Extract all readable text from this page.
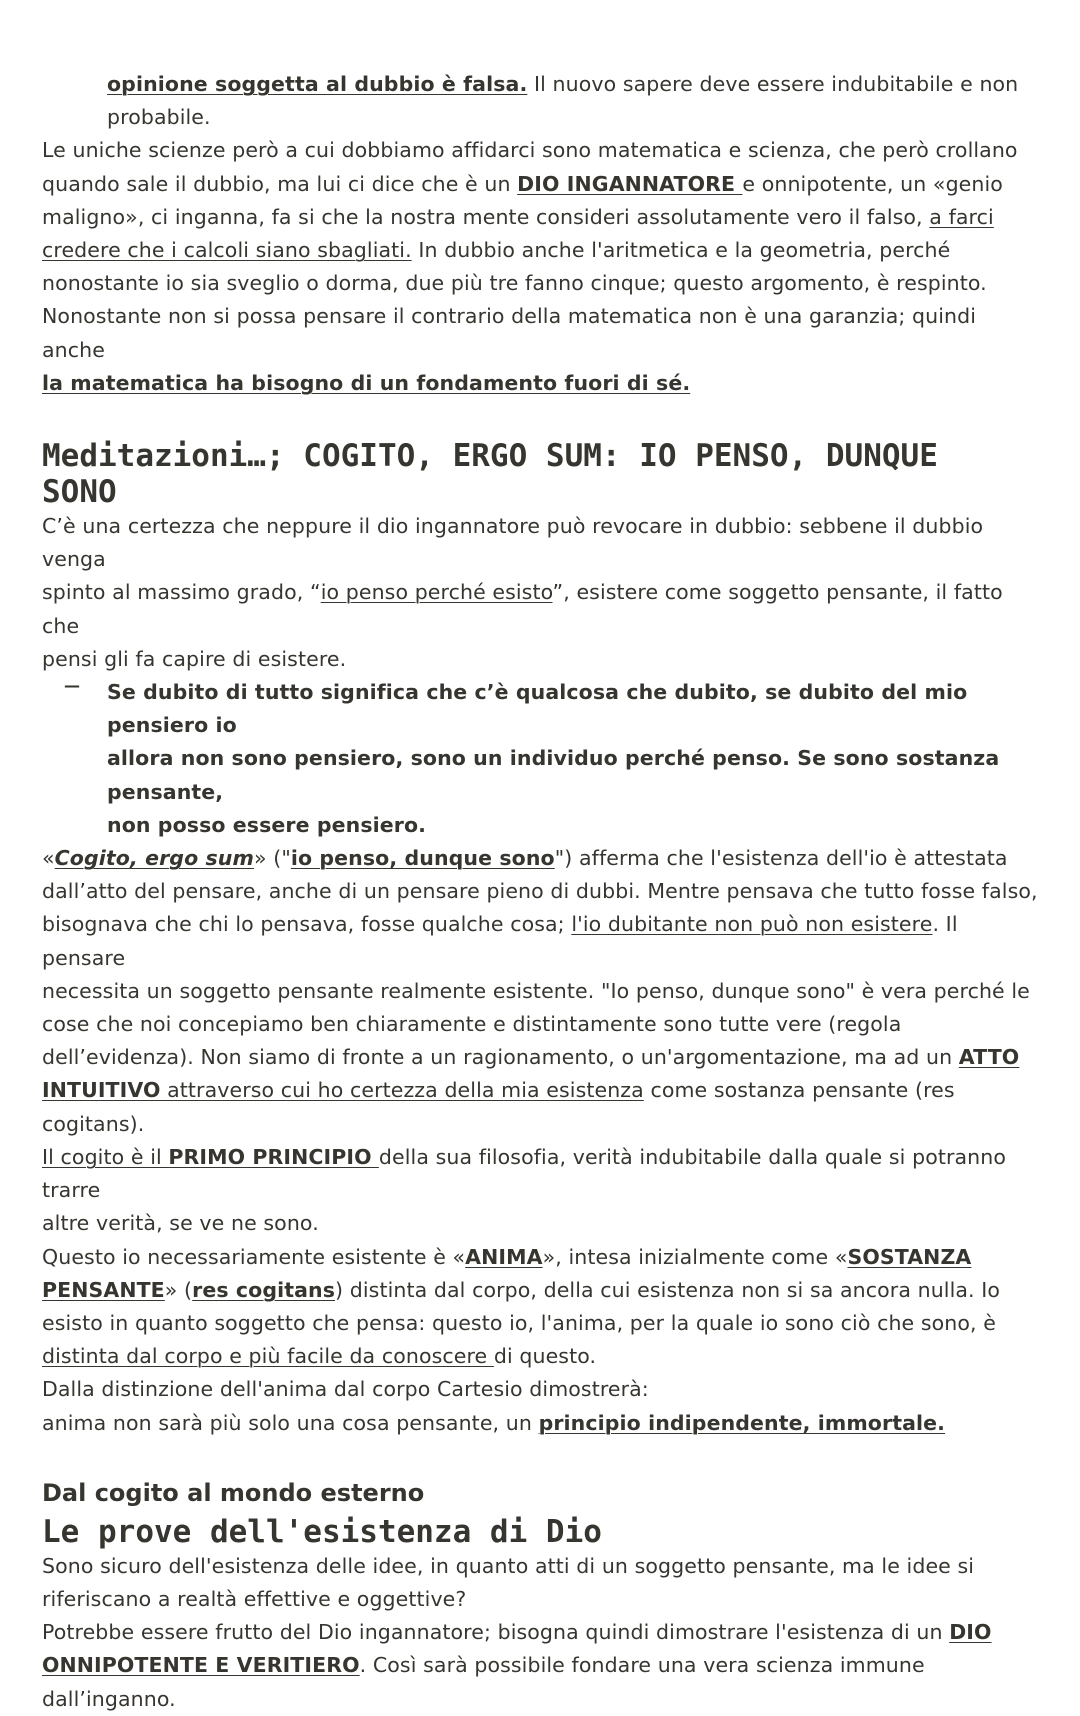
opinione soggetta al dubbio è falsa. Il nuovo sapere deve essere indubitabile e non
probabile.
Le uniche scienze però a cui dobbiamo affidarci sono matematica e scienza, che però crollano
quando sale il dubbio, ma lui ci dice che è un DIO INGANNATORE e onnipotente, un «genio
maligno», ci inganna, fa si che la nostra mente consideri assolutamente vero il falso, a farci
credere che i calcoli siano sbagliati. In dubbio anche l'aritmetica e la geometria, perché
nonostante io sia sveglio o dorma, due più tre fanno cinque; questo argomento, è respinto.
Nonostante non si possa pensare il contrario della matematica non è una garanzia; quindi anche
la matematica ha bisogno di un fondamento fuori di sé.
Meditazioni…; COGITO, ERGO SUM: IO PENSO, DUNQUE
SONO
C’è una certezza che neppure il dio ingannatore può revocare in dubbio: sebbene il dubbio venga
spinto al massimo grado, “io penso perché esisto”, esistere come soggetto pensante, il fatto che
pensi gli fa capire di esistere.
— Se dubito di tutto significa che c’è qualcosa che dubito, se dubito del mio pensiero io
allora non sono pensiero, sono un individuo perché penso. Se sono sostanza pensante,
non posso essere pensiero.
«Cogito, ergo sum» ("io penso, dunque sono") afferma che l'esistenza dell'io è attestata
dall’atto del pensare, anche di un pensare pieno di dubbi. Mentre pensava che tutto fosse falso,
bisognava che chi lo pensava, fosse qualche cosa; l'io dubitante non può non esistere. Il pensare
necessita un soggetto pensante realmente esistente. "Io penso, dunque sono" è vera perché le
cose che noi concepiamo ben chiaramente e distintamente sono tutte vere (regola
dell’evidenza). Non siamo di fronte a un ragionamento, o un'argomentazione, ma ad un ATTO
INTUITIVO attraverso cui ho certezza della mia esistenza come sostanza pensante (res
cogitans).
Il cogito è il PRIMO PRINCIPIO della sua filosofia, verità indubitabile dalla quale si potranno trarre
altre verità, se ve ne sono.
Questo io necessariamente esistente è «ANIMA», intesa inizialmente come «SOSTANZA
PENSANTE» (res cogitans) distinta dal corpo, della cui esistenza non si sa ancora nulla. Io
esisto in quanto soggetto che pensa: questo io, l'anima, per la quale io sono ciò che sono, è
distinta dal corpo e più facile da conoscere di questo.
Dalla distinzione dell'anima dal corpo Cartesio dimostrerà:
anima non sarà più solo una cosa pensante, un principio indipendente, immortale.
Dal cogito al mondo esterno
Le prove dell'esistenza di Dio
Sono sicuro dell'esistenza delle idee, in quanto atti di un soggetto pensante, ma le idee si
riferiscano a realtà effettive e oggettive?
Potrebbe essere frutto del Dio ingannatore; bisogna quindi dimostrare l'esistenza di un DIO
ONNIPOTENTE E VERITIERO. Così sarà possibile fondare una vera scienza immune dall’inganno.
